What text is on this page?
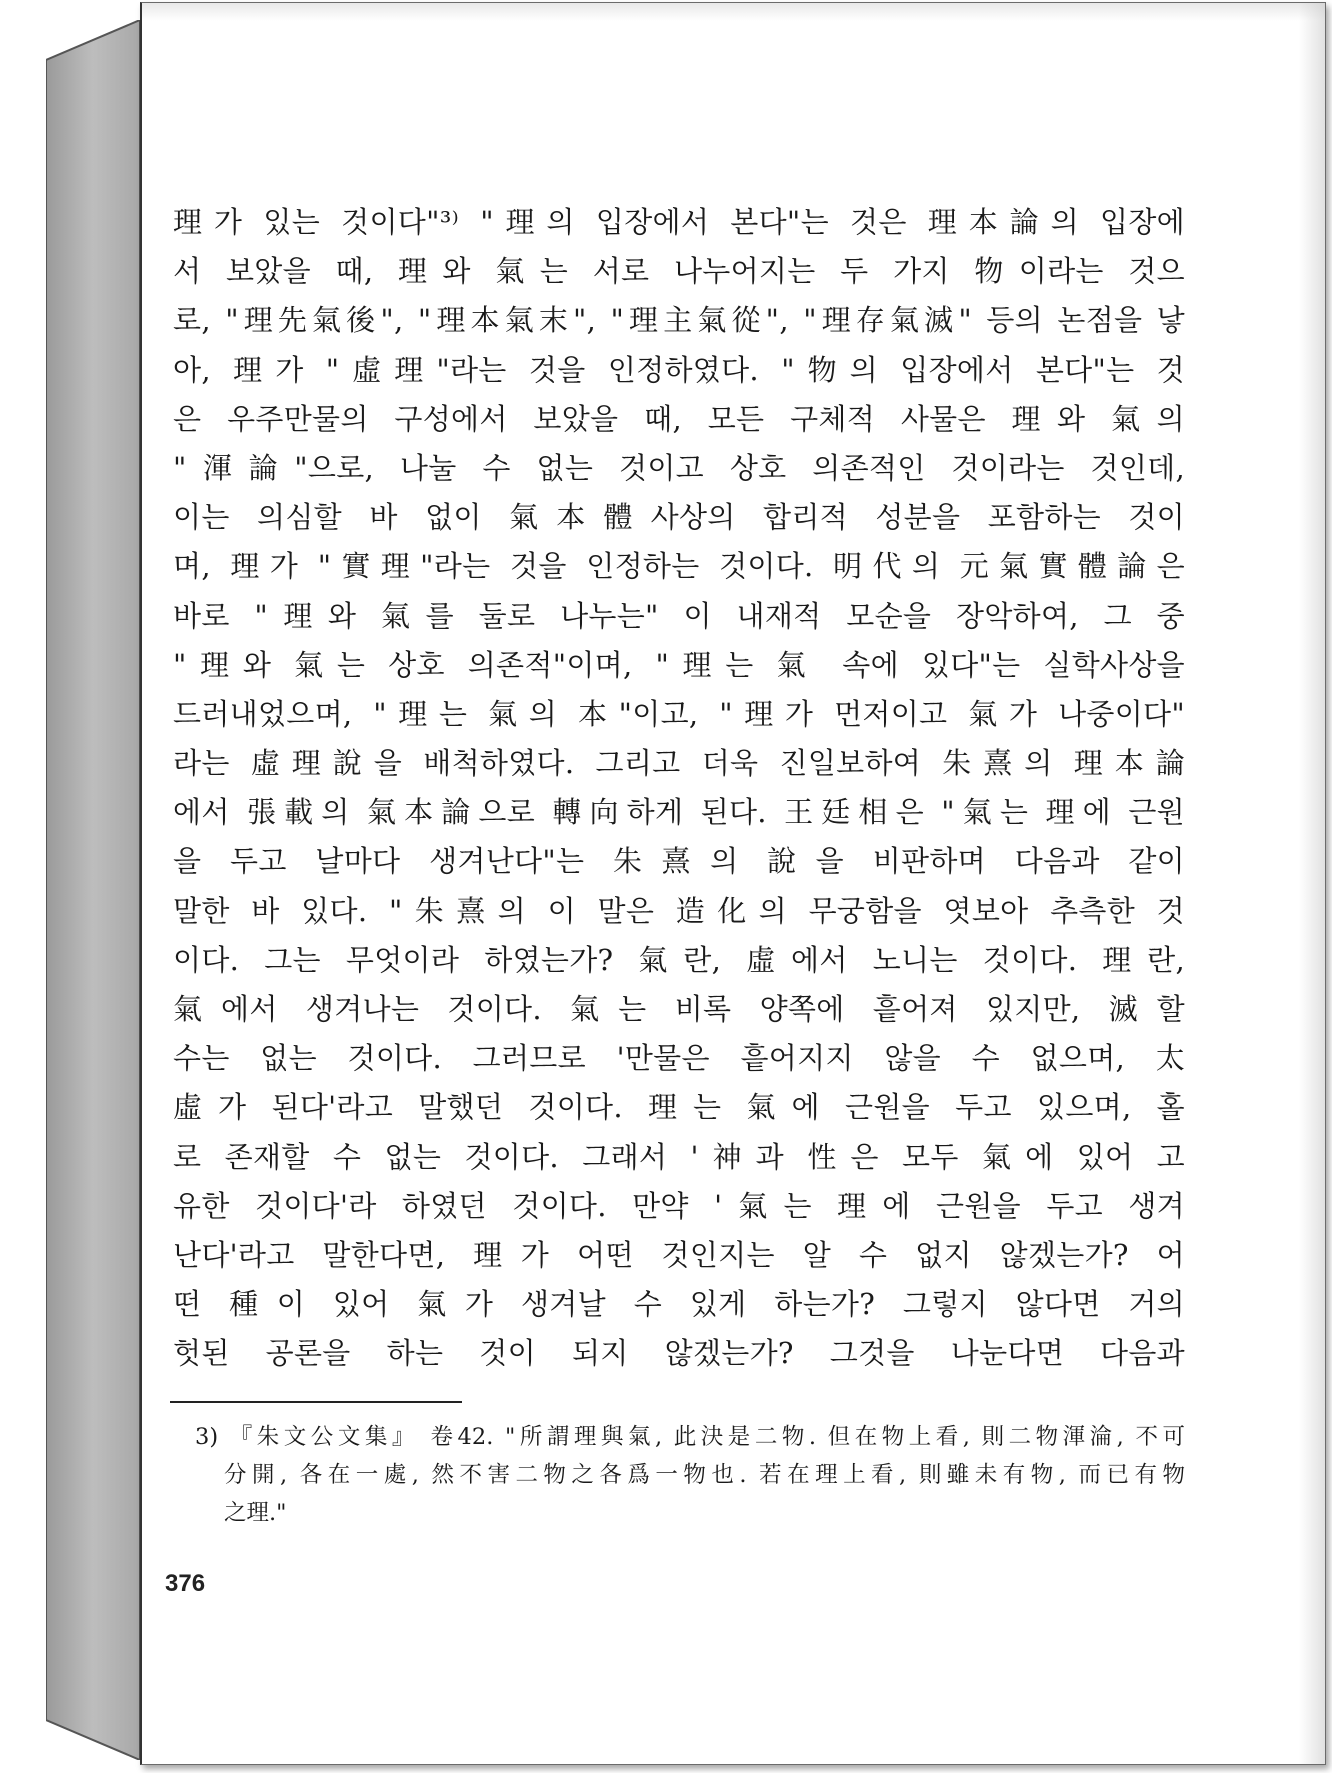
理가 있는 것이다"³⁾ "理의 입장에서 본다"는 것은 理本論의 입장에
서 보았을 때, 理와 氣는 서로 나누어지는 두 가지 物이라는 것으
로, "理先氣後", "理本氣末", "理主氣從", "理存氣滅" 등의 논점을 낳
아, 理가 "虛理"라는 것을 인정하였다. "物의 입장에서 본다"는 것
은 우주만물의 구성에서 보았을 때, 모든 구체적 사물은 理와 氣의
"渾論"으로, 나눌 수 없는 것이고 상호 의존적인 것이라는 것인데,
이는 의심할 바 없이 氣本體사상의 합리적 성분을 포함하는 것이
며, 理가 "實理"라는 것을 인정하는 것이다. 明代의 元氣實體論은
바로 "理와 氣를 둘로 나누는" 이 내재적 모순을 장악하여, 그 중
"理와 氣는 상호 의존적"이며, "理는 氣 속에 있다"는 실학사상을
드러내었으며, "理는 氣의 本"이고, "理가 먼저이고 氣가 나중이다"
라는 虛理說을 배척하였다. 그리고 더욱 진일보하여 朱熹의 理本論
에서 張載의 氣本論으로 轉向하게 된다. 王廷相은 "氣는 理에 근원
을 두고 날마다 생겨난다"는 朱熹의 說을 비판하며 다음과 같이
말한 바 있다. "朱熹의 이 말은 造化의 무궁함을 엿보아 추측한 것
이다. 그는 무엇이라 하였는가? 氣란, 虛에서 노니는 것이다. 理란,
氣에서 생겨나는 것이다. 氣는 비록 양쪽에 흩어져 있지만, 滅할
수는 없는 것이다. 그러므로 '만물은 흩어지지 않을 수 없으며, 太
虛가 된다'라고 말했던 것이다. 理는 氣에 근원을 두고 있으며, 홀
로 존재할 수 없는 것이다. 그래서 '神과 性은 모두 氣에 있어 고
유한 것이다'라 하였던 것이다. 만약 '氣는 理에 근원을 두고 생겨
난다'라고 말한다면, 理가 어떤 것인지는 알 수 없지 않겠는가? 어
떤 種이 있어 氣가 생겨날 수 있게 하는가? 그렇지 않다면 거의
헛된 공론을 하는 것이 되지 않겠는가? 그것을 나눈다면 다음과
3) 『朱文公文集』 卷42. "所謂理與氣, 此決是二物. 但在物上看, 則二物渾淪, 不可
分開, 各在一處, 然不害二物之各爲一物也. 若在理上看, 則雖未有物, 而已有物
之理."
376
